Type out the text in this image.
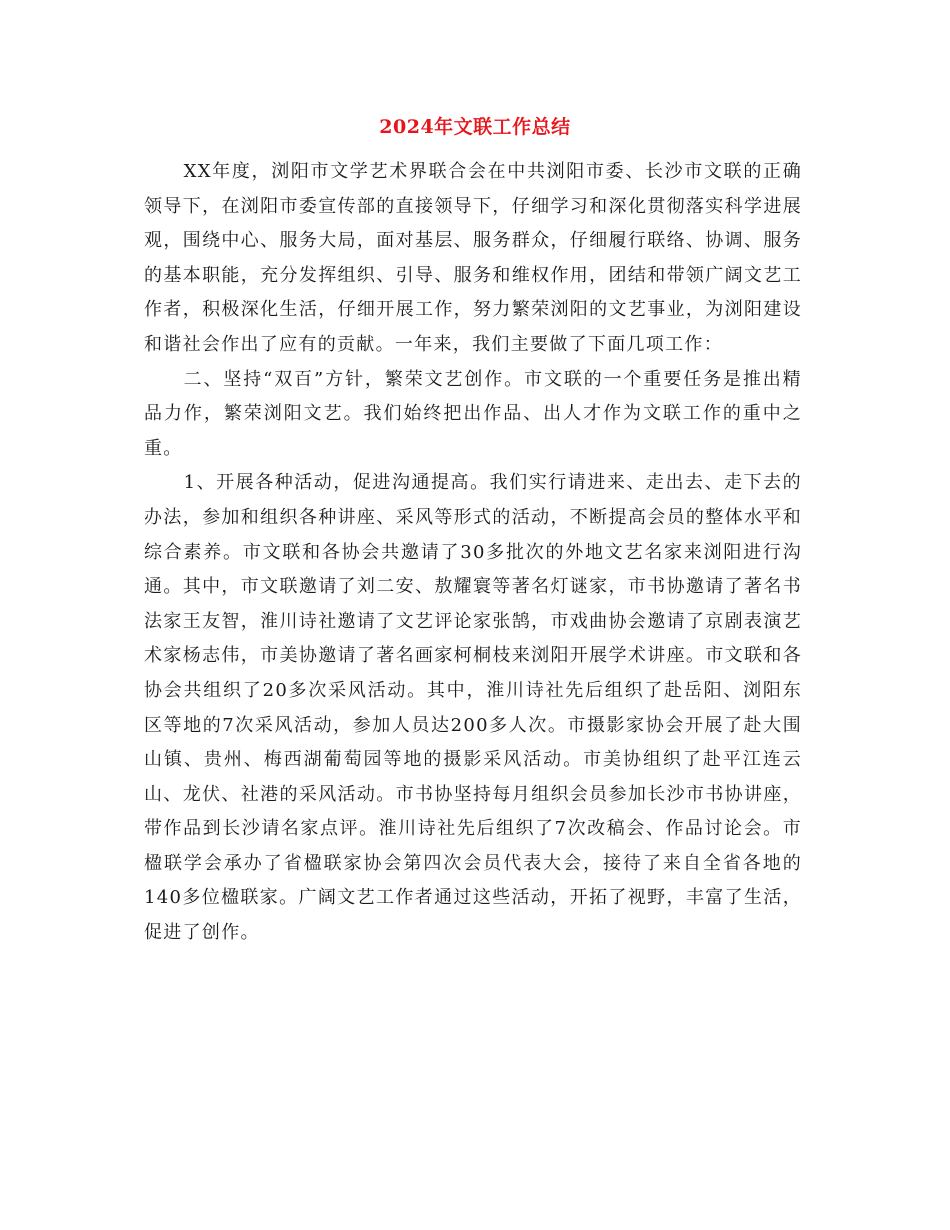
2024年文联工作总结

XX年度，浏阳市文学艺术界联合会在中共浏阳市委、长沙市文联的正确领导下，在浏阳市委宣传部的直接领导下，仔细学习和深化贯彻落实科学进展观，围绕中心、服务大局，面对基层、服务群众，仔细履行联络、协调、服务的基本职能，充分发挥组织、引导、服务和维权作用，团结和带领广阔文艺工作者，积极深化生活，仔细开展工作，努力繁荣浏阳的文艺事业，为浏阳建设和谐社会作出了应有的贡献。一年来，我们主要做了下面几项工作：

二、坚持“双百”方针，繁荣文艺创作。市文联的一个重要任务是推出精品力作，繁荣浏阳文艺。我们始终把出作品、出人才作为文联工作的重中之重。

1、开展各种活动，促进沟通提高。我们实行请进来、走出去、走下去的办法，参加和组织各种讲座、采风等形式的活动，不断提高会员的整体水平和综合素养。市文联和各协会共邀请了30多批次的外地文艺名家来浏阳进行沟通。其中，市文联邀请了刘二安、敖耀寰等著名灯谜家，市书协邀请了著名书法家王友智，淮川诗社邀请了文艺评论家张鹄，市戏曲协会邀请了京剧表演艺术家杨志伟，市美协邀请了著名画家柯桐枝来浏阳开展学术讲座。市文联和各协会共组织了20多次采风活动。其中，淮川诗社先后组织了赴岳阳、浏阳东区等地的7次采风活动，参加人员达200多人次。市摄影家协会开展了赴大围山镇、贵州、梅西湖葡萄园等地的摄影采风活动。市美协组织了赴平江连云山、龙伏、社港的采风活动。市书协坚持每月组织会员参加长沙市书协讲座，带作品到长沙请名家点评。淮川诗社先后组织了7次改稿会、作品讨论会。市楹联学会承办了省楹联家协会第四次会员代表大会，接待了来自全省各地的140多位楹联家。广阔文艺工作者通过这些活动，开拓了视野，丰富了生活，促进了创作。
